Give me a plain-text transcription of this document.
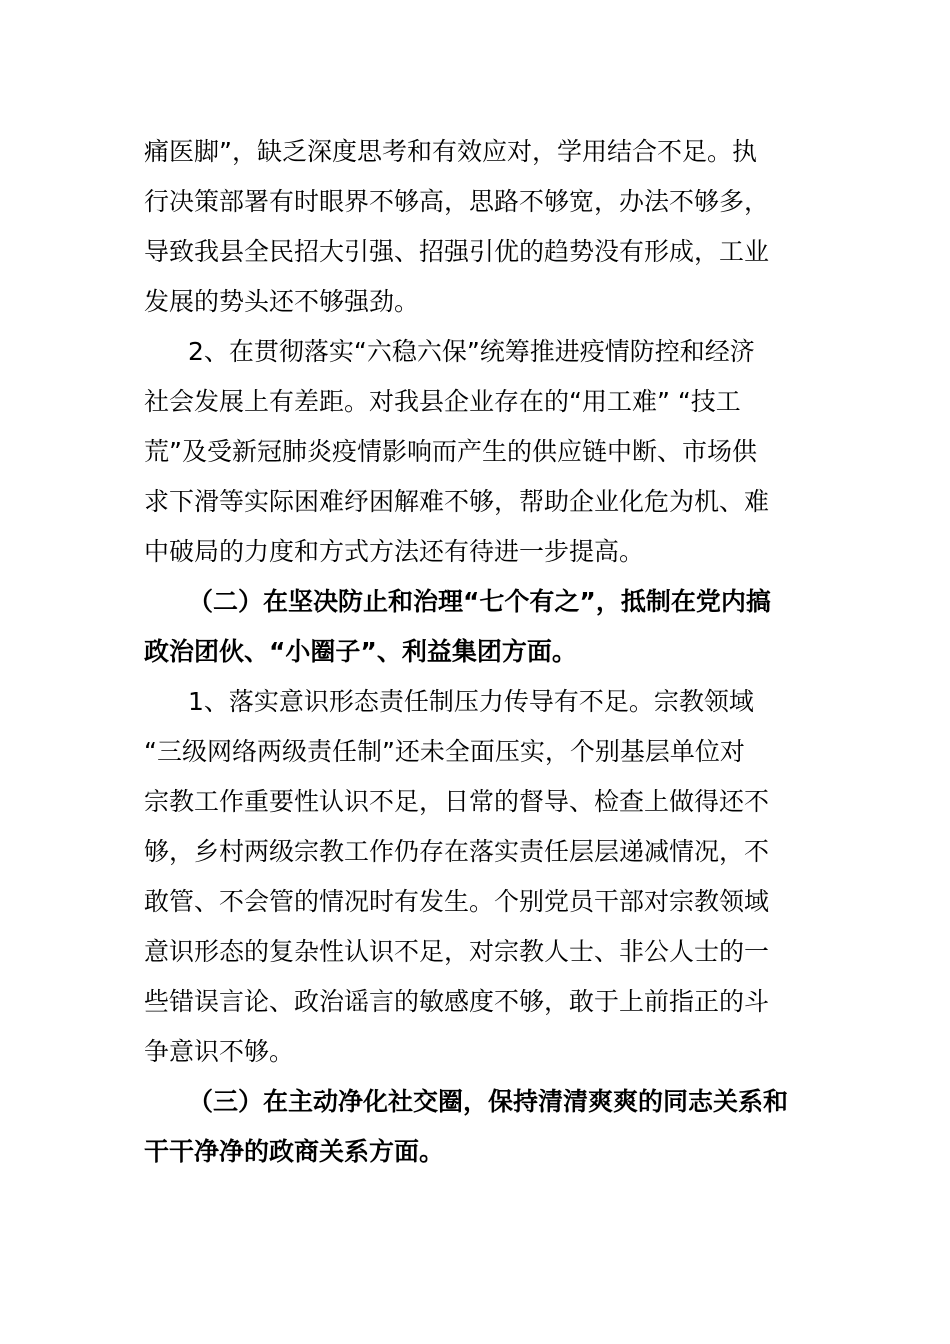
痛医脚”，缺乏深度思考和有效应对，学用结合不足。执
行决策部署有时眼界不够高，思路不够宽，办法不够多，
导致我县全民招大引强、招强引优的趋势没有形成，工业
发展的势头还不够强劲。
2、在贯彻落实“六稳六保”统筹推进疫情防控和经济
社会发展上有差距。对我县企业存在的“用工难” “技工
荒”及受新冠肺炎疫情影响而产生的供应链中断、市场供
求下滑等实际困难纾困解难不够，帮助企业化危为机、难
中破局的力度和方式方法还有待进一步提高。
（二）在坚决防止和治理“七个有之”，抵制在党内搞
政治团伙、“小圈子”、利益集团方面。
1、落实意识形态责任制压力传导有不足。宗教领域
“三级网络两级责任制”还未全面压实，个别基层单位对
宗教工作重要性认识不足，日常的督导、检查上做得还不
够，乡村两级宗教工作仍存在落实责任层层递减情况，不
敢管、不会管的情况时有发生。个别党员干部对宗教领域
意识形态的复杂性认识不足，对宗教人士、非公人士的一
些错误言论、政治谣言的敏感度不够，敢于上前指正的斗
争意识不够。
（三）在主动净化社交圈，保持清清爽爽的同志关系和
干干净净的政商关系方面。
